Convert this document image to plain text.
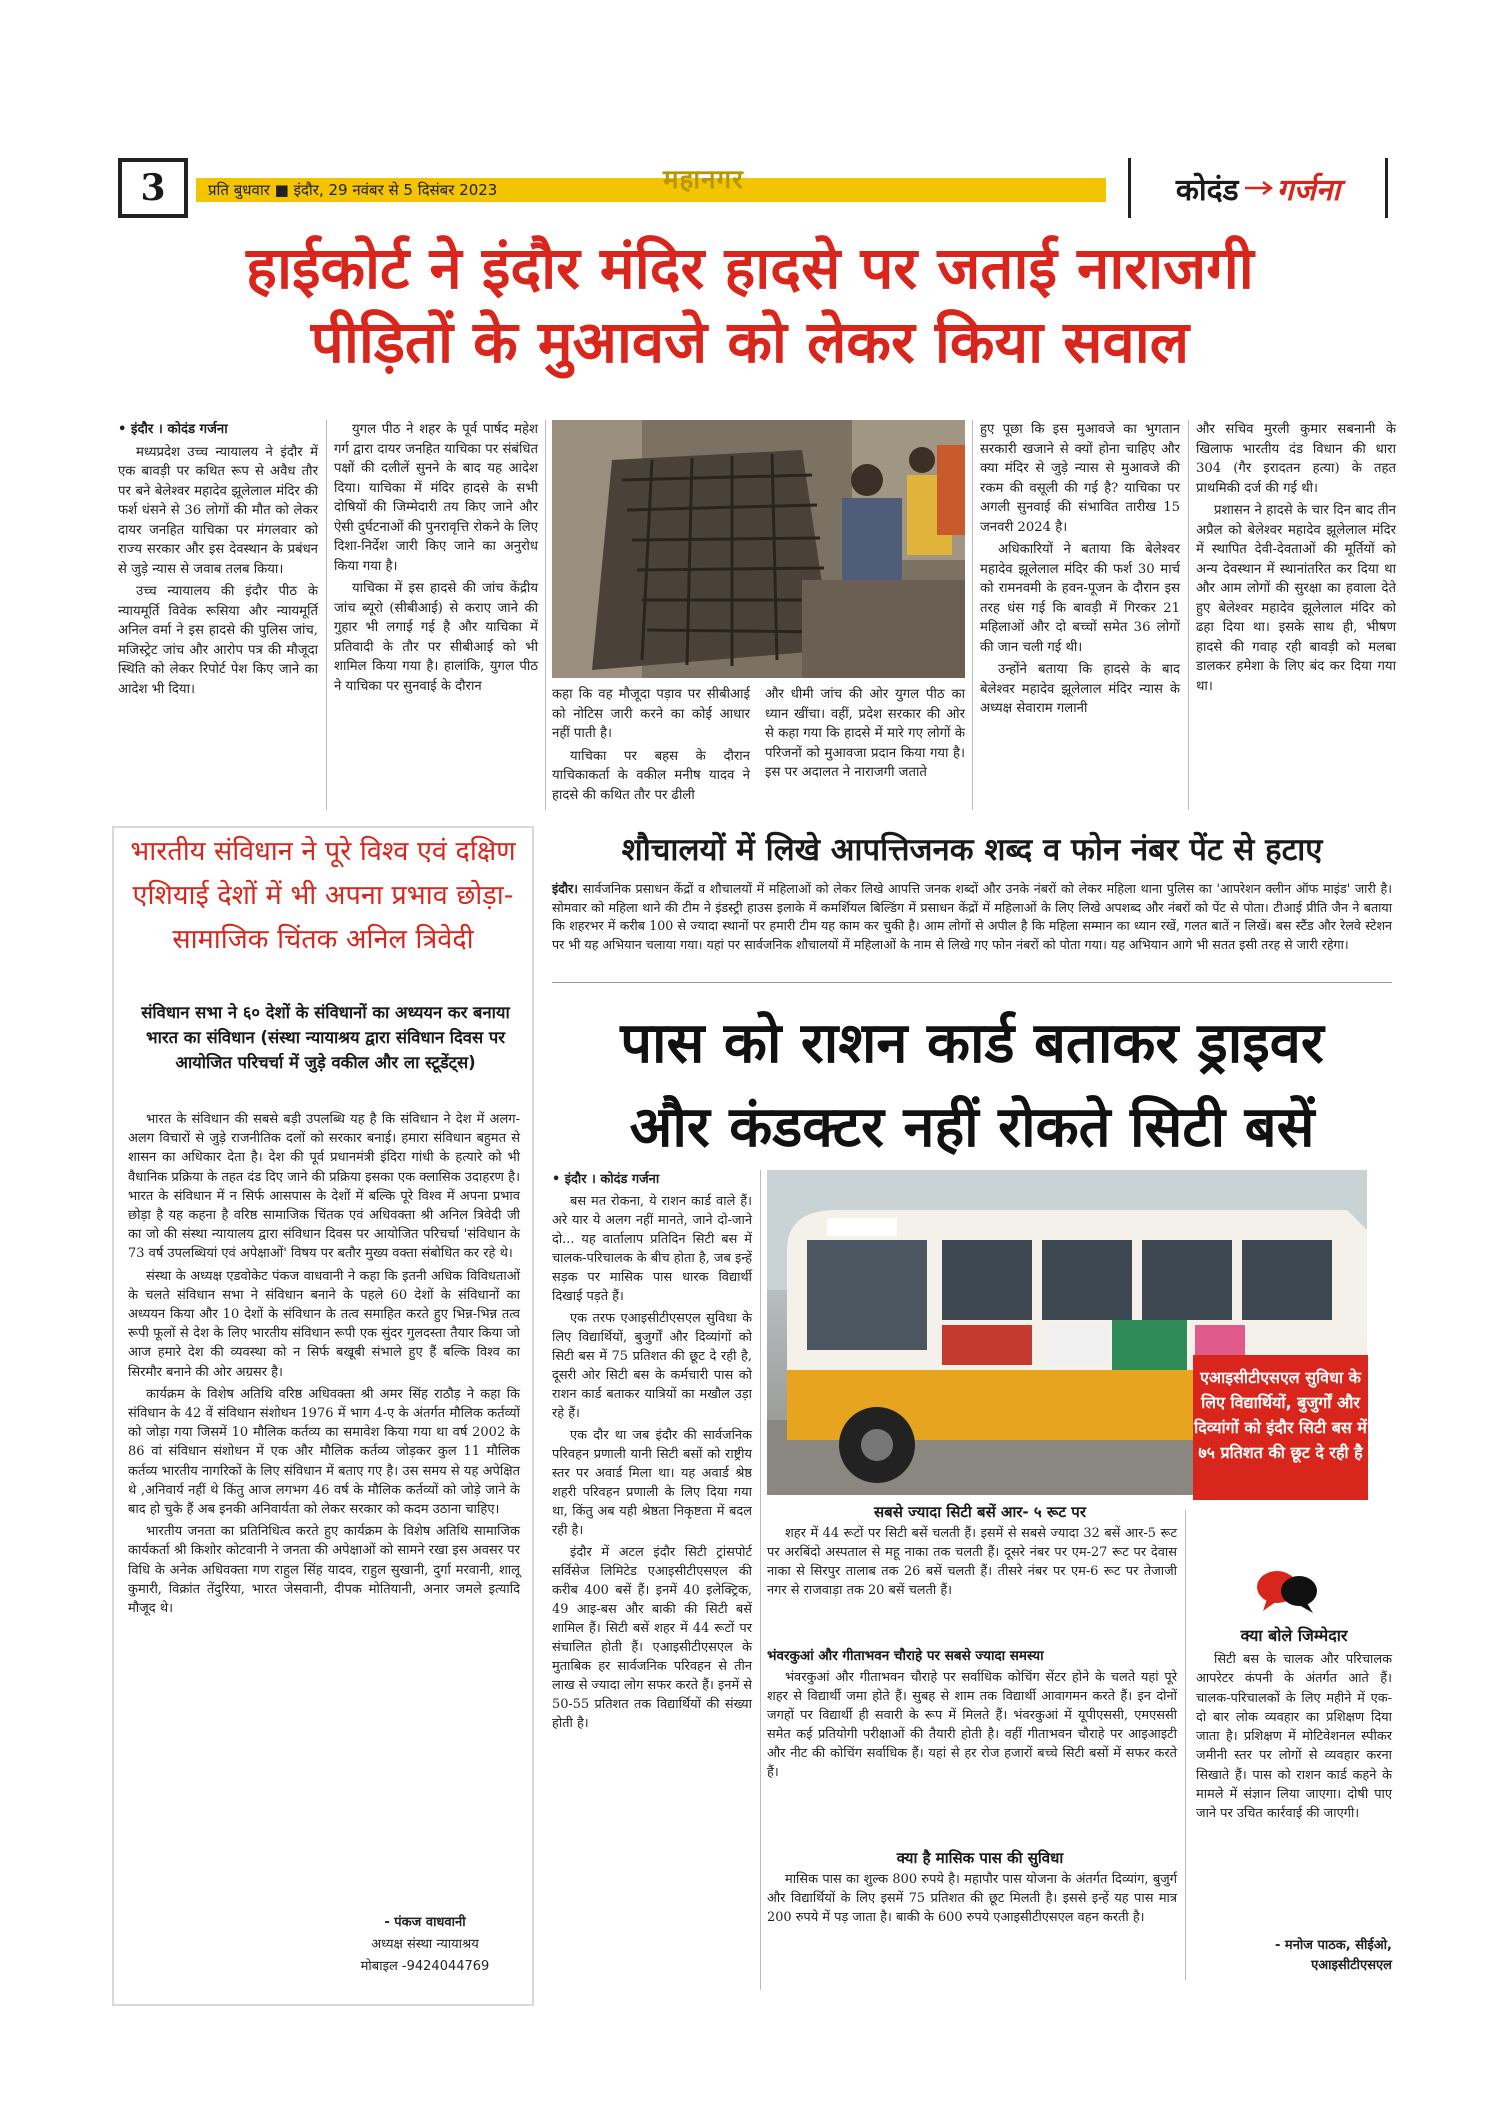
3	प्रति बुधवार ■ इंदौर, 29 नवंबर से 5 दिसंबर 2023	महानगर	कोदंड गर्जना
हाईकोर्ट ने इंदौर मंदिर हादसे पर जताई नाराजगी
पीड़ितों के मुआवजे को लेकर किया सवाल

• इंदौर । कोदंड गर्जना

मध्यप्रदेश उच्च न्यायालय ने इंदौर में एक बावड़ी पर कथित रूप से अवैध तौर पर बने बेलेश्वर महादेव झूलेलाल मंदिर की फर्श धंसने से 36 लोगों की मौत को लेकर दायर जनहित याचिका पर मंगलवार को राज्य सरकार और इस देवस्थान के प्रबंधन से जुड़े न्यास से जवाब तलब किया।

उच्च न्यायालय की इंदौर पीठ के न्यायमूर्ति विवेक रूसिया और न्यायमूर्ति अनिल वर्मा ने इस हादसे की पुलिस जांच, मजिस्ट्रेट जांच और आरोप पत्र की मौजूदा स्थिति को लेकर रिपोर्ट पेश किए जाने का आदेश भी दिया।

युगल पीठ ने शहर के पूर्व पार्षद महेश गर्ग द्वारा दायर जनहित याचिका पर संबंधित पक्षों की दलीलें सुनने के बाद यह आदेश दिया। याचिका में मंदिर हादसे के सभी दोषियों की जिम्मेदारी तय किए जाने और ऐसी दुर्घटनाओं की पुनरावृत्ति रोकने के लिए दिशा-निर्देश जारी किए जाने का अनुरोध किया गया है।

याचिका में इस हादसे की जांच केंद्रीय जांच ब्यूरो (सीबीआई) से कराए जाने की गुहार भी लगाई गई है और याचिका में प्रतिवादी के तौर पर सीबीआई को भी शामिल किया गया है। हालांकि, युगल पीठ ने याचिका पर सुनवाई के दौरान

कहा कि वह मौजूदा पड़ाव पर सीबीआई को नोटिस जारी करने का कोई आधार नहीं पाती है।

याचिका पर बहस के दौरान याचिकाकर्ता के वकील मनीष यादव ने हादसे की कथित तौर पर ढीली

और धीमी जांच की ओर युगल पीठ का ध्यान खींचा। वहीं, प्रदेश सरकार की ओर से कहा गया कि हादसे में मारे गए लोगों के परिजनों को मुआवजा प्रदान किया गया है। इस पर अदालत ने नाराजगी जताते

हुए पूछा कि इस मुआवजे का भुगतान सरकारी खजाने से क्यों होना चाहिए और क्या मंदिर से जुड़े न्यास से मुआवजे की रकम की वसूली की गई है? याचिका पर अगली सुनवाई की संभावित तारीख 15 जनवरी 2024 है।

अधिकारियों ने बताया कि बेलेश्वर महादेव झूलेलाल मंदिर की फर्श 30 मार्च को रामनवमी के हवन-पूजन के दौरान इस तरह धंस गई कि बावड़ी में गिरकर 21 महिलाओं और दो बच्चों समेत 36 लोगों की जान चली गई थी।

उन्होंने बताया कि हादसे के बाद बेलेश्वर महादेव झूलेलाल मंदिर न्यास के अध्यक्ष सेवाराम गलानी

और सचिव मुरली कुमार सबनानी के खिलाफ भारतीय दंड विधान की धारा 304 (गैर इरादतन हत्या) के तहत प्राथमिकी दर्ज की गई थी।

प्रशासन ने हादसे के चार दिन बाद तीन अप्रैल को बेलेश्वर महादेव झूलेलाल मंदिर में स्थापित देवी-देवताओं की मूर्तियों को अन्य देवस्थान में स्थानांतरित कर दिया था और आम लोगों की सुरक्षा का हवाला देते हुए बेलेश्वर महादेव झूलेलाल मंदिर को ढहा दिया था। इसके साथ ही, भीषण हादसे की गवाह रही बावड़ी को मलबा डालकर हमेशा के लिए बंद कर दिया गया था।

भारतीय संविधान ने पूरे विश्व एवं दक्षिण
एशियाई देशों में भी अपना प्रभाव छोड़ा-
सामाजिक चिंतक अनिल त्रिवेदी
संविधान सभा ने ६० देशों के संविधानों का अध्ययन कर बनाया भारत का संविधान (संस्था न्यायाश्रय द्वारा संविधान दिवस पर आयोजित परिचर्चा में जुड़े वकील और ला स्टूडेंट्स)

भारत के संविधान की सबसे बड़ी उपलब्धि यह है कि संविधान ने देश में अलग-अलग विचारों से जुड़े राजनीतिक दलों को सरकार बनाई। हमारा संविधान बहुमत से शासन का अधिकार देता है। देश की पूर्व प्रधानमंत्री इंदिरा गांधी के हत्यारे को भी वैधानिक प्रक्रिया के तहत दंड दिए जाने की प्रक्रिया इसका एक क्लासिक उदाहरण है। भारत के संविधान में न सिर्फ आसपास के देशों में बल्कि पूरे विश्व में अपना प्रभाव छोड़ा है यह कहना है वरिष्ठ सामाजिक चिंतक एवं अधिवक्ता श्री अनिल त्रिवेदी जी का जो की संस्था न्यायालय द्वारा संविधान दिवस पर आयोजित परिचर्चा 'संविधान के 73 वर्ष उपलब्धियां एवं अपेक्षाओं' विषय पर बतौर मुख्य वक्ता संबोधित कर रहे थे।

संस्था के अध्यक्ष एडवोकेट पंकज वाधवानी ने कहा कि इतनी अधिक विविधताओं के चलते संविधान सभा ने संविधान बनाने के पहले 60 देशों के संविधानों का अध्ययन किया और 10 देशों के संविधान के तत्व समाहित करते हुए भिन्न-भिन्न तत्व रूपी फूलों से देश के लिए भारतीय संविधान रूपी एक सुंदर गुलदस्ता तैयार किया जो आज हमारे देश की व्यवस्था को न सिर्फ बखूबी संभाले हुए हैं बल्कि विश्व का सिरमौर बनाने की ओर अग्रसर है।

कार्यक्रम के विशेष अतिथि वरिष्ठ अधिवक्ता श्री अमर सिंह राठौड़ ने कहा कि संविधान के 42 वें संविधान संशोधन 1976 में भाग 4-ए के अंतर्गत मौलिक कर्तव्यों को जोड़ा गया जिसमें 10 मौलिक कर्तव्य का समावेश किया गया था वर्ष 2002 के 86 वां संविधान संशोधन में एक और मौलिक कर्तव्य जोड़कर कुल 11 मौलिक कर्तव्य भारतीय नागरिकों के लिए संविधान में बताए गए है। उस समय से यह अपेक्षित थे ,अनिवार्य नहीं थे किंतु आज लगभग 46 वर्ष के मौलिक कर्तव्यों को जोड़े जाने के बाद हो चुके हैं अब इनकी अनिवार्यता को लेकर सरकार को कदम उठाना चाहिए।

भारतीय जनता का प्रतिनिधित्व करते हुए कार्यक्रम के विशेष अतिथि सामाजिक कार्यकर्ता श्री किशोर कोटवानी ने जनता की अपेक्षाओं को सामने रखा इस अवसर पर विधि के अनेक अधिवक्ता गण राहुल सिंह यादव, राहुल सुखानी, दुर्गा मरवानी, शालू कुमारी, विक्रांत तेंदुरिया, भारत जेसवानी, दीपक मोतियानी, अनार जमले इत्यादि मौजूद थे।

- पंकज वाधवानी
अध्यक्ष संस्था न्यायाश्रय
मोबाइल -9424044769
शौचालयों में लिखे आपत्तिजनक शब्द व फोन नंबर पेंट से हटाए

इंदौर। सार्वजनिक प्रसाधन केंद्रों व शौचालयों में महिलाओं को लेकर लिखे आपत्ति जनक शब्दों और उनके नंबरों को लेकर महिला थाना पुलिस का 'आपरेशन क्लीन ऑफ माइंड' जारी है। सोमवार को महिला थाने की टीम ने इंडस्ट्री हाउस इलाके में कमर्शियल बिल्डिंग में प्रसाधन केंद्रों में महिलाओं के लिए लिखे अपशब्द और नंबरों को पेंट से पोता। टीआई प्रीति जैन ने बताया कि शहरभर में करीब 100 से ज्यादा स्थानों पर हमारी टीम यह काम कर चुकी है। आम लोगों से अपील है कि महिला सम्मान का ध्यान रखें, गलत बातें न लिखें। बस स्टैंड और रेलवे स्टेशन पर भी यह अभियान चलाया गया। यहां पर सार्वजनिक शौचालयों में महिलाओं के नाम से लिखे गए फोन नंबरों को पोता गया। यह अभियान आगे भी सतत इसी तरह से जारी रहेगा।

पास को राशन कार्ड बताकर ड्राइवर
और कंडक्टर नहीं रोकते सिटी बसें

• इंदौर । कोदंड गर्जना

बस मत रोकना, ये राशन कार्ड वाले हैं। अरे यार ये अलग नहीं मानते, जाने दो-जाने दो... यह वार्तालाप प्रतिदिन सिटी बस में चालक-परिचालक के बीच होता है, जब इन्हें सड़क पर मासिक पास धारक विद्यार्थी दिखाई पड़ते हैं।

एक तरफ एआइसीटीएसएल सुविधा के लिए विद्यार्थियों, बुजुर्गों और दिव्यांगों को सिटी बस में 75 प्रतिशत की छूट दे रही है, दूसरी ओर सिटी बस के कर्मचारी पास को राशन कार्ड बताकर यात्रियों का मखौल उड़ा रहे हैं।

एक दौर था जब इंदौर की सार्वजनिक परिवहन प्रणाली यानी सिटी बसों को राष्ट्रीय स्तर पर अवार्ड मिला था। यह अवार्ड श्रेष्ठ शहरी परिवहन प्रणाली के लिए दिया गया था, किंतु अब यही श्रेष्ठता निकृष्टता में बदल रही है।

इंदौर में अटल इंदौर सिटी ट्रांसपोर्ट सर्विसेज लिमिटेड एआइसीटीएसएल की करीब 400 बसें हैं। इनमें 40 इलेक्ट्रिक, 49 आइ-बस और बाकी की सिटी बसें शामिल हैं। सिटी बसें शहर में 44 रूटों पर संचालित होती हैं। एआइसीटीएसएल के मुताबिक हर सार्वजनिक परिवहन से तीन लाख से ज्यादा लोग सफर करते हैं। इनमें से 50-55 प्रतिशत तक विद्यार्थियों की संख्या होती है।

एआइसीटीएसएल सुविधा के लिए विद्यार्थियों, बुजुर्गों और दिव्यांगों को इंदौर सिटी बस में ७५ प्रतिशत की छूट दे रही है
सबसे ज्यादा सिटी बसें आर- ५ रूट पर

शहर में 44 रूटों पर सिटी बसें चलती हैं। इसमें से सबसे ज्यादा 32 बसें आर-5 रूट पर अरबिंदो अस्पताल से महू नाका तक चलती हैं। दूसरे नंबर पर एम-27 रूट पर देवास नाका से सिरपुर तालाब तक 26 बसें चलती हैं। तीसरे नंबर पर एम-6 रूट पर तेजाजी नगर से राजवाड़ा तक 20 बसें चलती हैं।

भंवरकुआं और गीताभवन चौराहे पर सबसे ज्यादा समस्या

भंवरकुआं और गीताभवन चौराहे पर सर्वाधिक कोचिंग सेंटर होने के चलते यहां पूरे शहर से विद्यार्थी जमा होते हैं। सुबह से शाम तक विद्यार्थी आवागमन करते हैं। इन दोनों जगहों पर विद्यार्थी ही सवारी के रूप में मिलते हैं। भंवरकुआं में यूपीएससी, एमएससी समेत कई प्रतियोगी परीक्षाओं की तैयारी होती है। वहीं गीताभवन चौराहे पर आइआइटी और नीट की कोचिंग सर्वाधिक हैं। यहां से हर रोज हजारों बच्चे सिटी बसों में सफर करते हैं।

क्या है मासिक पास की सुविधा

मासिक पास का शुल्क 800 रुपये है। महापौर पास योजना के अंतर्गत दिव्यांग, बुजुर्ग और विद्यार्थियों के लिए इसमें 75 प्रतिशत की छूट मिलती है। इससे इन्हें यह पास मात्र 200 रुपये में पड़ जाता है। बाकी के 600 रुपये एआइसीटीएसएल वहन करती है।

क्या बोले जिम्मेदार

सिटी बस के चालक और परिचालक आपरेटर कंपनी के अंतर्गत आते हैं। चालक-परिचालकों के लिए महीने में एक-दो बार लोक व्यवहार का प्रशिक्षण दिया जाता है। प्रशिक्षण में मोटिवेशनल स्पीकर जमीनी स्तर पर लोगों से व्यवहार करना सिखाते हैं। पास को राशन कार्ड कहने के मामले में संज्ञान लिया जाएगा। दोषी पाए जाने पर उचित कार्रवाई की जाएगी।

- मनोज पाठक, सीईओ, एआइसीटीएसएल
